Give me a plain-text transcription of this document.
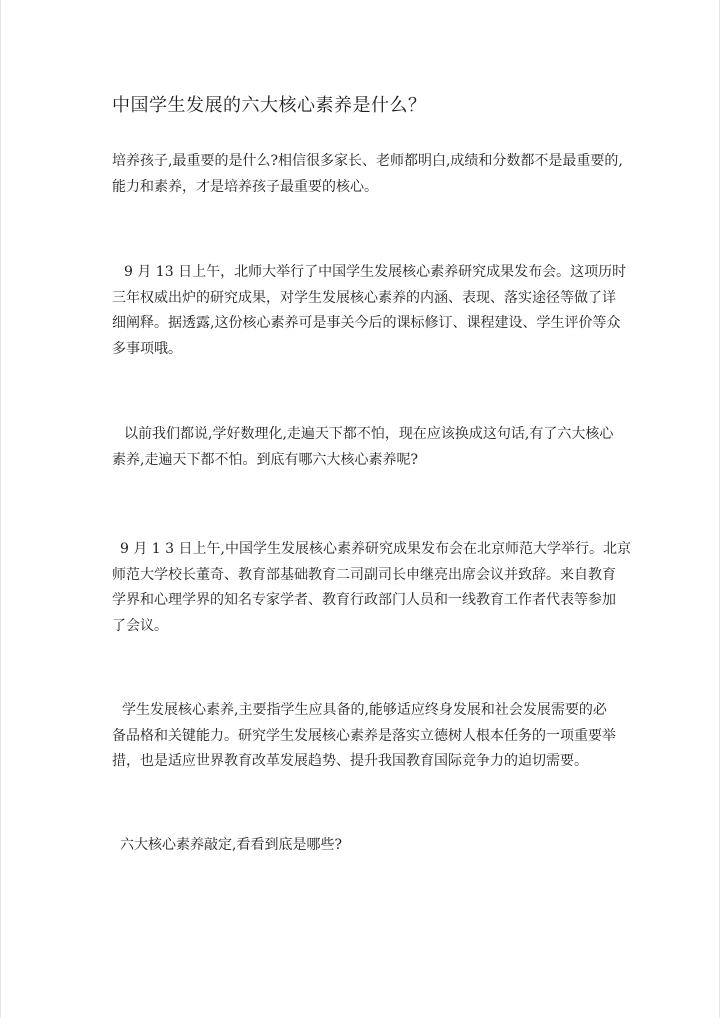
中国学生发展的六大核心素养是什么？

培养孩子,最重要的是什么?相信很多家长、老师都明白,成绩和分数都不是最重要的,
能力和素养，才是培养孩子最重要的核心。

9 月 13 日上午，北师大举行了中国学生发展核心素养研究成果发布会。这项历时
三年权威出炉的研究成果，对学生发展核心素养的内涵、表现、落实途径等做了详
细阐释。据透露,这份核心素养可是事关今后的课标修订、课程建设、学生评价等众
多事项哦。

以前我们都说,学好数理化,走遍天下都不怕，现在应该换成这句话,有了六大核心
素养,走遍天下都不怕。到底有哪六大核心素养呢?

9 月 1 3 日上午,中国学生发展核心素养研究成果发布会在北京师范大学举行。北京
师范大学校长董奇、教育部基础教育二司副司长申继亮出席会议并致辞。来自教育
学界和心理学界的知名专家学者、教育行政部门人员和一线教育工作者代表等参加
了会议。

学生发展核心素养,主要指学生应具备的,能够适应终身发展和社会发展需要的必
备品格和关键能力。研究学生发展核心素养是落实立德树人根本任务的一项重要举
措，也是适应世界教育改革发展趋势、提升我国教育国际竞争力的迫切需要。

六大核心素养敲定,看看到底是哪些?
